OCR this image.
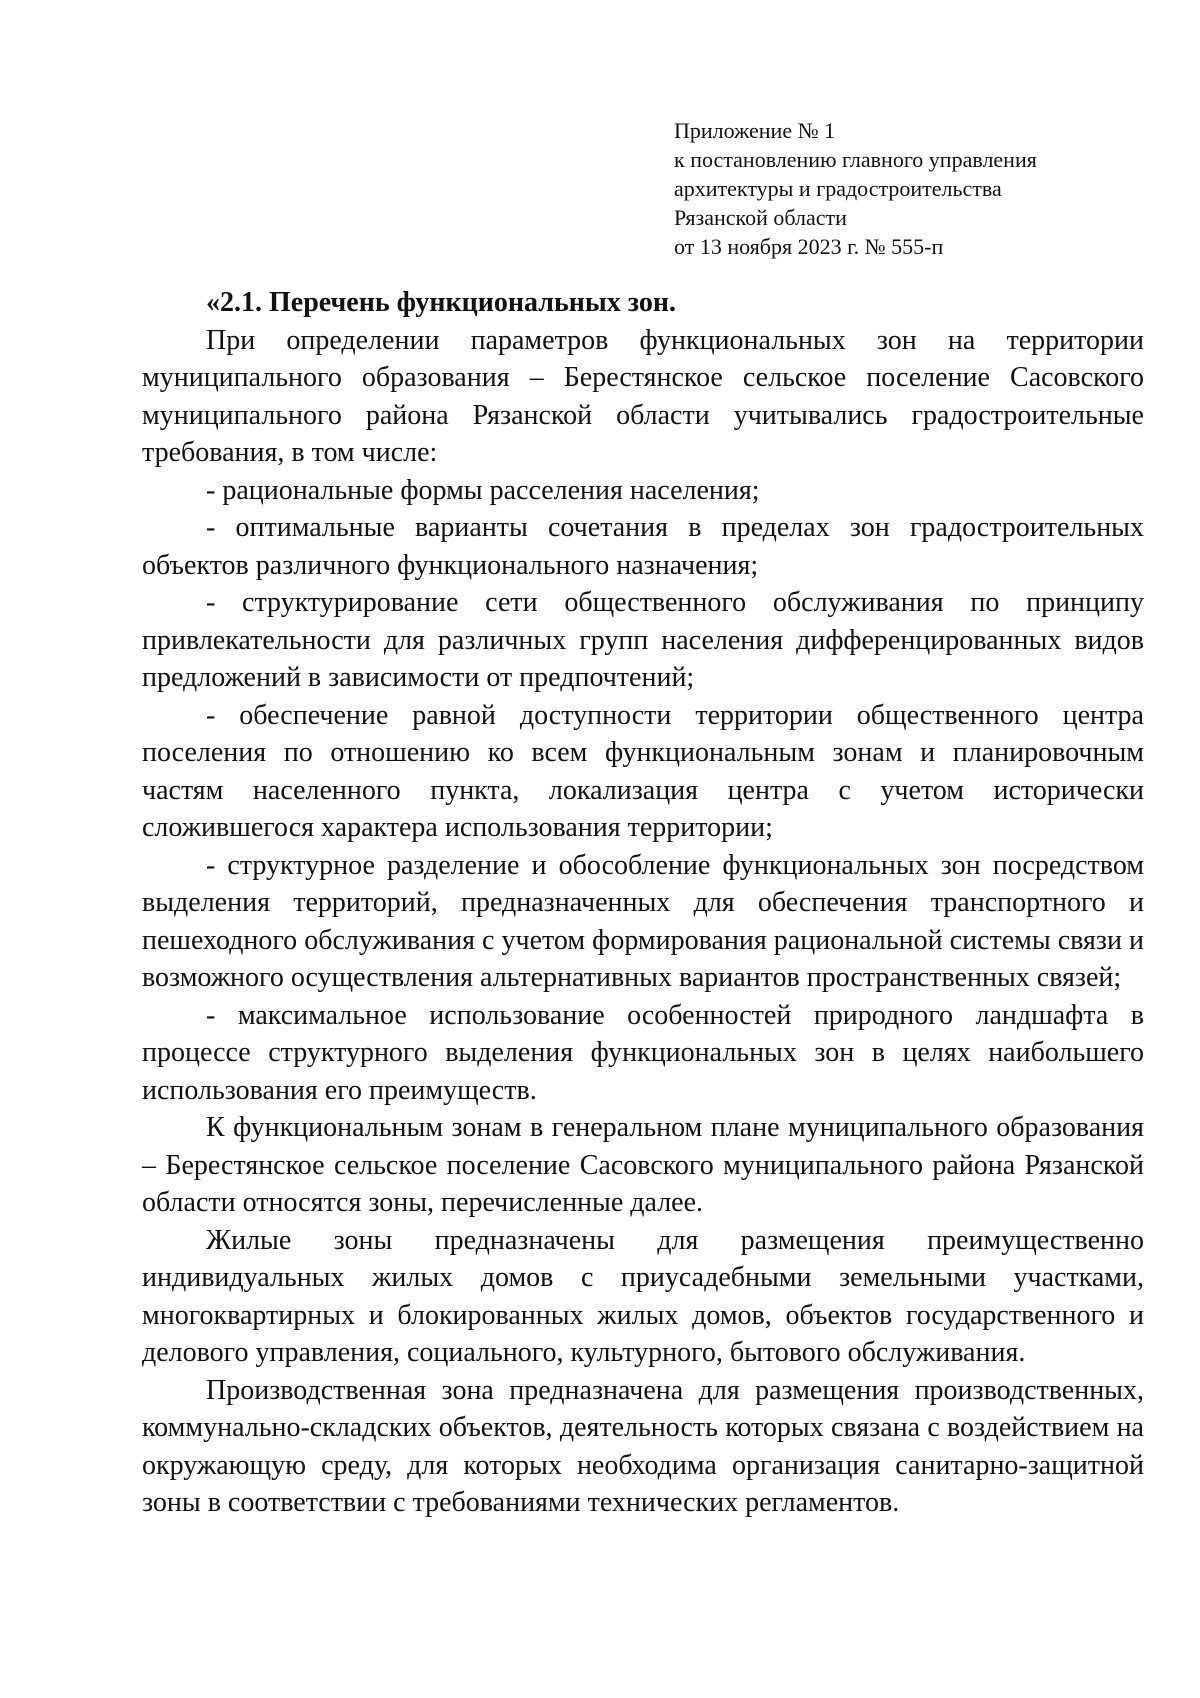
Приложение № 1
к постановлению главного управления
архитектуры и градостроительства
Рязанской области
от 13 ноября 2023 г. № 555-п

«2.1. Перечень функциональных зон.

При определении параметров функциональных зон на территории муниципального образования – Берестянское сельское поселение Сасовского муниципального района Рязанской области учитывались градостроительные требования, в том числе:

- рациональные формы расселения населения;

- оптимальные варианты сочетания в пределах зон градостроительных объектов различного функционального назначения;

- структурирование сети общественного обслуживания по принципу привлекательности для различных групп населения дифференцированных видов предложений в зависимости от предпочтений;

- обеспечение равной доступности территории общественного центра поселения по отношению ко всем функциональным зонам и планировочным частям населенного пункта, локализация центра с учетом исторически сложившегося характера использования территории;

- структурное разделение и обособление функциональных зон посредством выделения территорий, предназначенных для обеспечения транспортного и пешеходного обслуживания с учетом формирования рациональной системы связи и возможного осуществления альтернативных вариантов пространственных связей;

- максимальное использование особенностей природного ландшафта в процессе структурного выделения функциональных зон в целях наибольшего использования его преимуществ.

К функциональным зонам в генеральном плане муниципального образования – Берестянское сельское поселение Сасовского муниципального района Рязанской области относятся зоны, перечисленные далее.

Жилые зоны предназначены для размещения преимущественно индивидуальных жилых домов с приусадебными земельными участками, многоквартирных и блокированных жилых домов, объектов государственного и делового управления, социального, культурного, бытового обслуживания.

Производственная зона предназначена для размещения производственных, коммунально-складских объектов, деятельность которых связана с воздействием на окружающую среду, для которых необходима организация санитарно-защитной зоны в соответствии с требованиями технических регламентов.
